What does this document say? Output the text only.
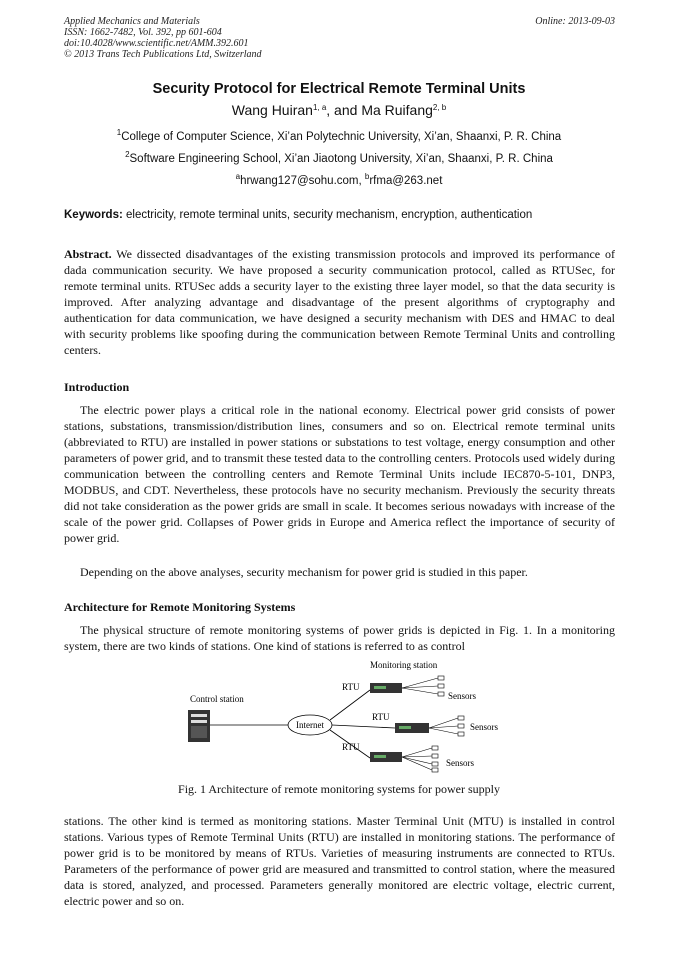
Applied Mechanics and Materials
ISSN: 1662-7482, Vol. 392, pp 601-604
doi:10.4028/www.scientific.net/AMM.392.601
© 2013 Trans Tech Publications Ltd, Switzerland
Online: 2013-09-03
Security Protocol for Electrical Remote Terminal Units
Wang Huiran$^{1, a}$, and Ma Ruifang$^{2, b}$
$^1$College of Computer Science, Xi’an Polytechnic University, Xi’an, Shaanxi, P. R. China
$^2$Software Engineering School, Xi’an Jiaotong University, Xi’an, Shaanxi, P. R. China
$^a$hrwang127@sohu.com, $^b$rfma@263.net
Keywords: electricity, remote terminal units, security mechanism, encryption, authentication
Abstract. We dissected disadvantages of the existing transmission protocols and improved its performance of dada communication security. We have proposed a security communication protocol, called as RTUSec, for remote terminal units. RTUSec adds a security layer to the existing three layer model, so that the data security is improved. After analyzing advantage and disadvantage of the present algorithms of cryptography and authentication for data communication, we have designed a security mechanism with DES and HMAC to deal with security problems like spoofing during the communication between Remote Terminal Units and controlling centers.
Introduction
The electric power plays a critical role in the national economy. Electrical power grid consists of power stations, substations, transmission/distribution lines, consumers and so on. Electrical remote terminal units (abbreviated to RTU) are installed in power stations or substations to test voltage, energy consumption and other parameters of power grid, and to transmit these tested data to the controlling centers. Protocols used widely during communication between the controlling centers and Remote Terminal Units include IEC870-5-101, DNP3, MODBUS, and CDT. Nevertheless, these protocols have no security mechanism. Previously the security threats did not take consideration as the power grids are small in scale. It becomes serious nowadays with increase of the scale of the power grid. Collapses of Power grids in Europe and America reflect the importance of security of power grid.
Depending on the above analyses, security mechanism for power grid is studied in this paper.
Architecture for Remote Monitoring Systems
The physical structure of remote monitoring systems of power grids is depicted in Fig. 1. In a monitoring system, there are two kinds of stations. One kind of stations is referred to as control
Monitoring station
Control station
Internet
RTU
Sensors
RTU
Sensors
RTU
Sensors
Fig. 1 Architecture of remote monitoring systems for power supply
stations. The other kind is termed as monitoring stations. Master Terminal Unit (MTU) is installed in control stations. Various types of Remote Terminal Units (RTU) are installed in monitoring stations. The performance of power grid is to be monitored by means of RTUs. Varieties of measuring instruments are connected to RTUs. Parameters of the performance of power grid are measured and transmitted to control station, where the measured data is stored, analyzed, and processed. Parameters generally monitored are electric voltage, electric current, electric power and so on.
